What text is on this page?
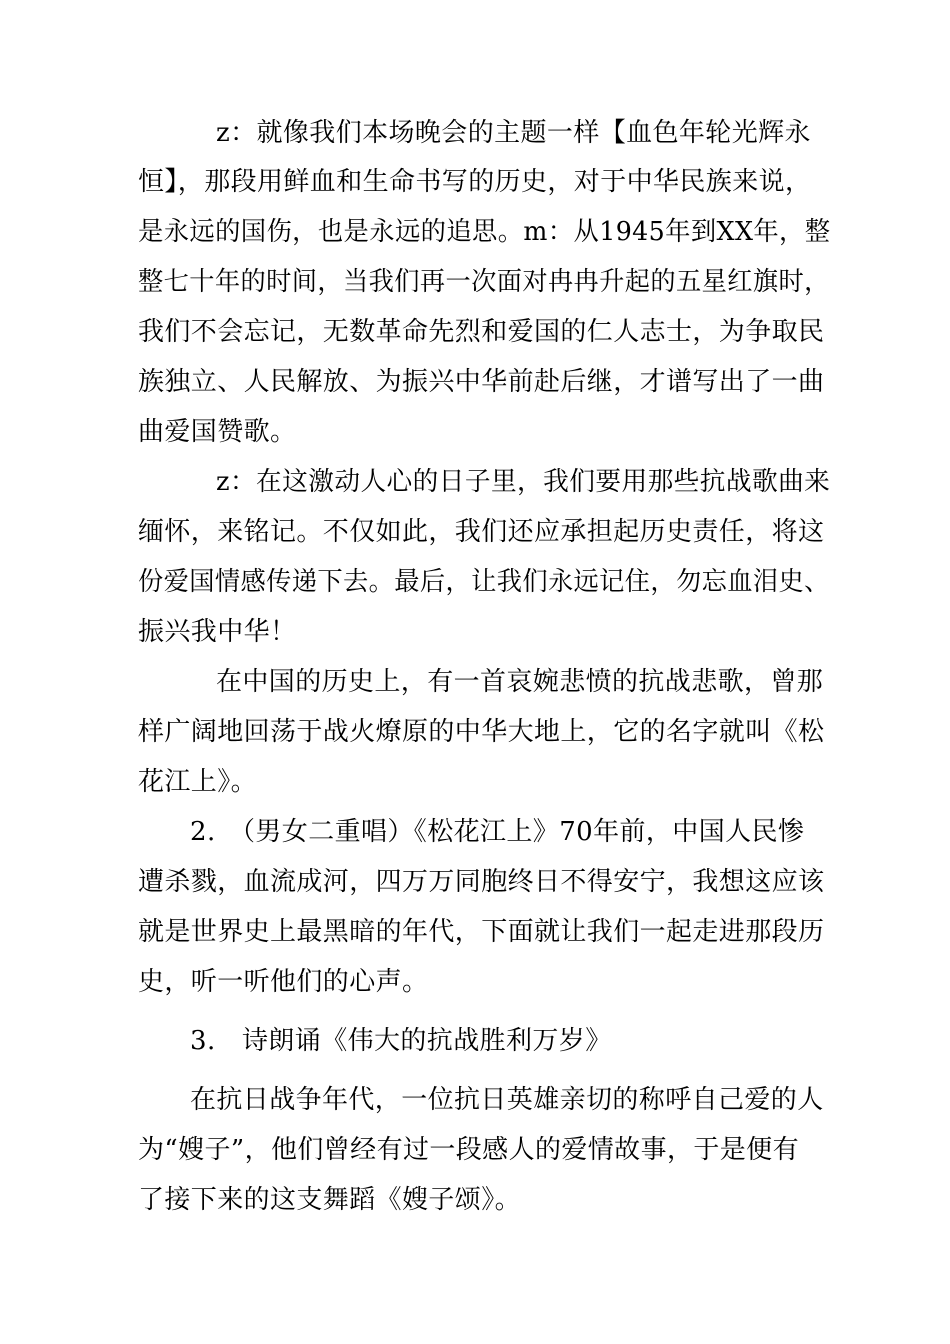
z：就像我们本场晚会的主题一样【血色年轮光辉永
恒】，那段用鲜血和生命书写的历史，对于中华民族来说，
是永远的国伤，也是永远的追思。m：从1945年到XX年，整
整七十年的时间，当我们再一次面对冉冉升起的五星红旗时，
我们不会忘记，无数革命先烈和爱国的仁人志士，为争取民
族独立、人民解放、为振兴中华前赴后继，才谱写出了一曲
曲爱国赞歌。
z：在这激动人心的日子里，我们要用那些抗战歌曲来
缅怀，来铭记。不仅如此，我们还应承担起历史责任，将这
份爱国情感传递下去。最后，让我们永远记住，勿忘血泪史、
振兴我中华！
在中国的历史上，有一首哀婉悲愤的抗战悲歌，曾那
样广阔地回荡于战火燎原的中华大地上，它的名字就叫《松
花江上》。
2.　（男女二重唱）《松花江上》70年前，中国人民惨
遭杀戮，血流成河，四万万同胞终日不得安宁，我想这应该
就是世界史上最黑暗的年代，下面就让我们一起走进那段历
史，听一听他们的心声。
3.　诗朗诵《伟大的抗战胜利万岁》
在抗日战争年代，一位抗日英雄亲切的称呼自己爱的人
为“嫂子”，他们曾经有过一段感人的爱情故事，于是便有
了接下来的这支舞蹈《嫂子颂》。
